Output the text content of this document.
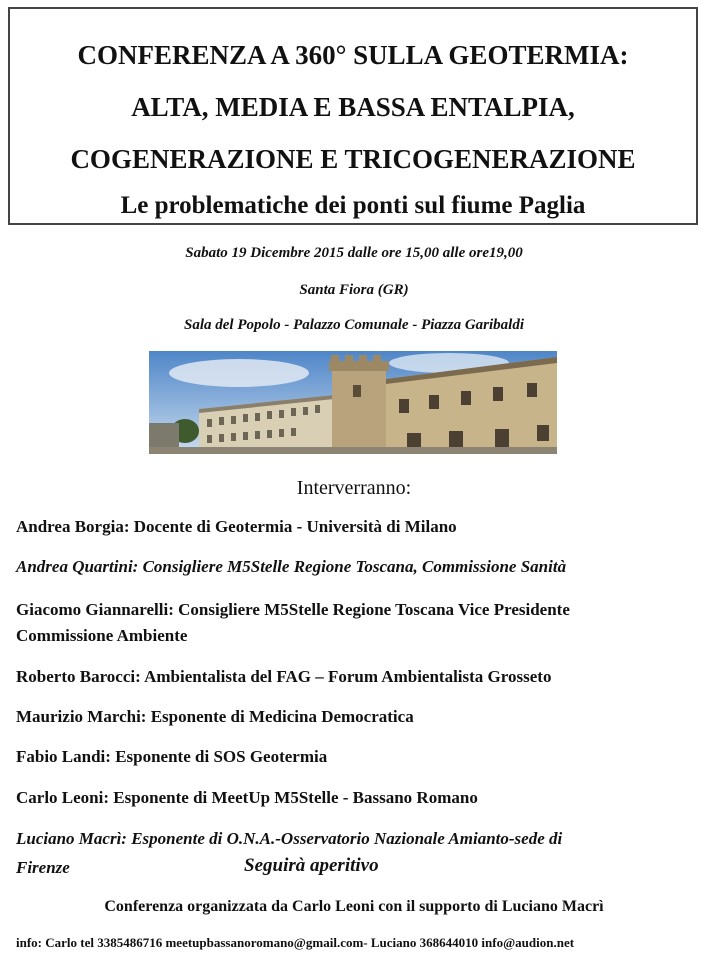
CONFERENZA A 360° SULLA GEOTERMIA:
ALTA, MEDIA E BASSA ENTALPIA,
COGENERAZIONE E TRICOGENERAZIONE
Le problematiche dei ponti sul fiume Paglia
Sabato 19 Dicembre 2015 dalle ore 15,00 alle ore19,00
Santa Fiora (GR)
Sala del Popolo - Palazzo Comunale - Piazza Garibaldi
Interverranno:
Andrea Borgia: Docente di Geotermia - Università di Milano
Andrea Quartini: Consigliere M5Stelle Regione Toscana, Commissione Sanità
Giacomo Giannarelli: Consigliere M5Stelle Regione Toscana Vice Presidente
Commissione Ambiente
Roberto Barocci: Ambientalista del FAG – Forum Ambientalista Grosseto
Maurizio Marchi: Esponente di Medicina Democratica
Fabio Landi: Esponente di SOS Geotermia
Carlo Leoni: Esponente di MeetUp M5Stelle - Bassano Romano
Luciano Macrì: Esponente di O.N.A.-Osservatorio Nazionale Amianto-sede di
Firenze	Seguirà aperitivo
Conferenza organizzata da Carlo Leoni con il supporto di Luciano Macrì
info: Carlo tel 3385486716 meetupbassanoromano@gmail.com- Luciano 368644010 info@audion.net
